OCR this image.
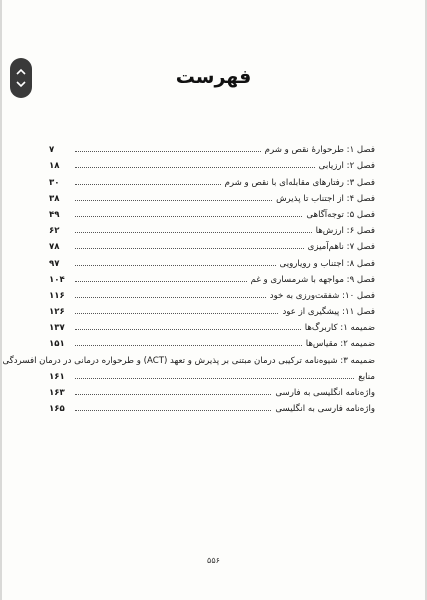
فهرست
فصل ۱: طرحوارۀ نقص و شرم
۷
فصل ۲: ارزیابی
۱۸
فصل ۳: رفتارهای مقابله‌ای با نقص و شرم
۳۰
فصل ۴: از اجتناب تا پذیرش
۳۸
فصل ۵: توجه‌آگاهی
۴۹
فصل ۶: ارزش‌ها
۶۲
فصل ۷: ناهم‌آمیزی
۷۸
فصل ۸: اجتناب و رویارویی
۹۷
فصل ۹: مواجهه با شرمساری و غم
۱۰۴
فصل ۱۰: شفقت‌ورزی به خود
۱۱۶
فصل ۱۱: پیشگیری از عود
۱۲۶
ضمیمه ۱: کاربرگ‌ها
۱۳۷
ضمیمه ۲: مقیاس‌ها
۱۵۱
ضمیمه ۳: شیوه‌نامه ترکیبی درمان مبتنی بر پذیرش و تعهد (ACT) و طرحواره درمانی در درمان افسردگی
منابع
۱۶۱
واژه‌نامه انگلیسی به فارسی
۱۶۳
واژه‌نامه فارسی به انگلیسی
۱۶۵
۵۵۶
